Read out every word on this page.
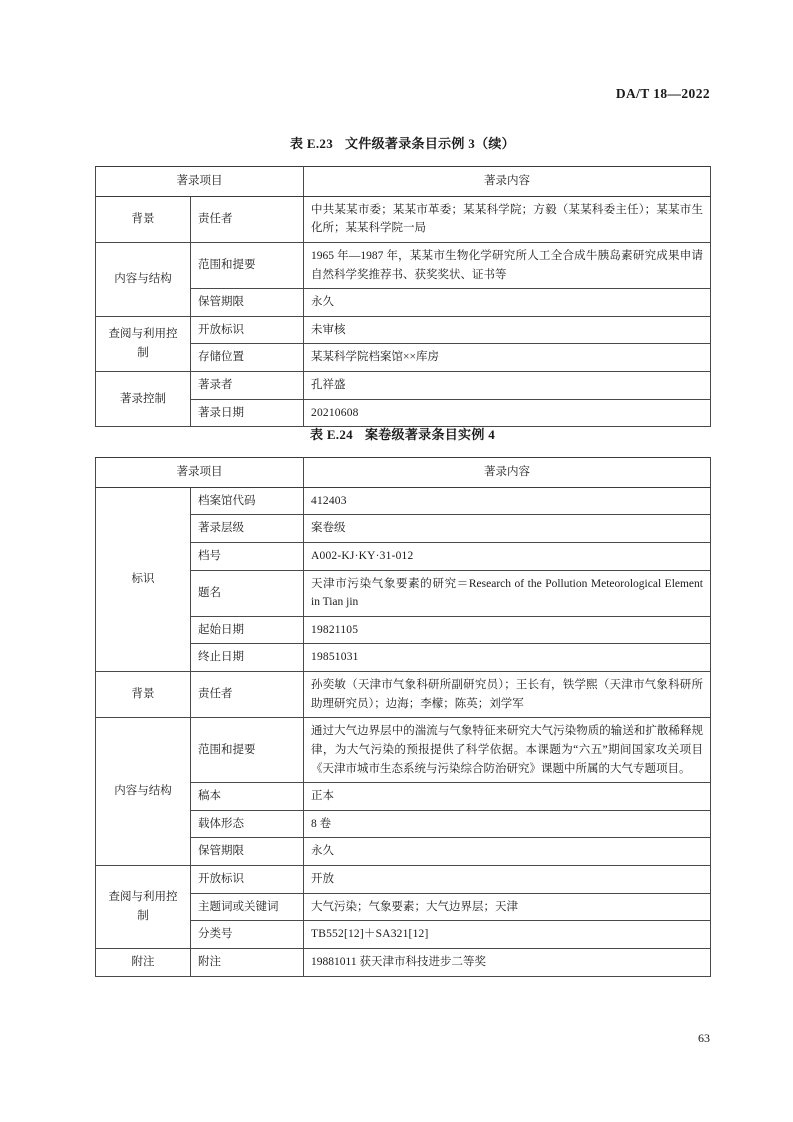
DA/T 18—2022
表 E.23 文件级著录条目示例 3（续）
著录项目		著录内容
背景	责任者	中共某某市委；某某市革委；某某科学院；方毅（某某科委主任）；某某市生化所；某某科学院一局
内容与结构	范围和提要	1965 年—1987 年，某某市生物化学研究所人工全合成牛胰岛素研究成果申请自然科学奖推荐书、获奖奖状、证书等
	保管期限	永久
查阅与利用控制	开放标识	未审核
	存储位置	某某科学院档案馆××库房
著录控制	著录者	孔祥盛
	著录日期	20210608
表 E.24 案卷级著录条目实例 4
著录项目		著录内容
标识	档案馆代码	412403
	著录层级	案卷级
	档号	A002-KJ·KY·31-012
	题名	天津市污染气象要素的研究＝Research of the Pollution Meteorological Element in Tian jin
	起始日期	19821105
	终止日期	19851031
背景	责任者	孙奕敏（天津市气象科研所副研究员）；王长有，铁学熙（天津市气象科研所助理研究员）；边海；李檬；陈英；刘学军
内容与结构	范围和提要	通过大气边界层中的湍流与气象特征来研究大气污染物质的输送和扩散稀释规律，为大气污染的预报提供了科学依据。本课题为“六五”期间国家攻关项目《天津市城市生态系统与污染综合防治研究》课题中所属的大气专题项目。
	稿本	正本
	载体形态	8 卷
	保管期限	永久
查阅与利用控制	开放标识	开放
	主题词或关键词	大气污染；气象要素；大气边界层；天津
	分类号	TB552[12]＋SA321[12]
附注	附注	19881011 获天津市科技进步二等奖
63
